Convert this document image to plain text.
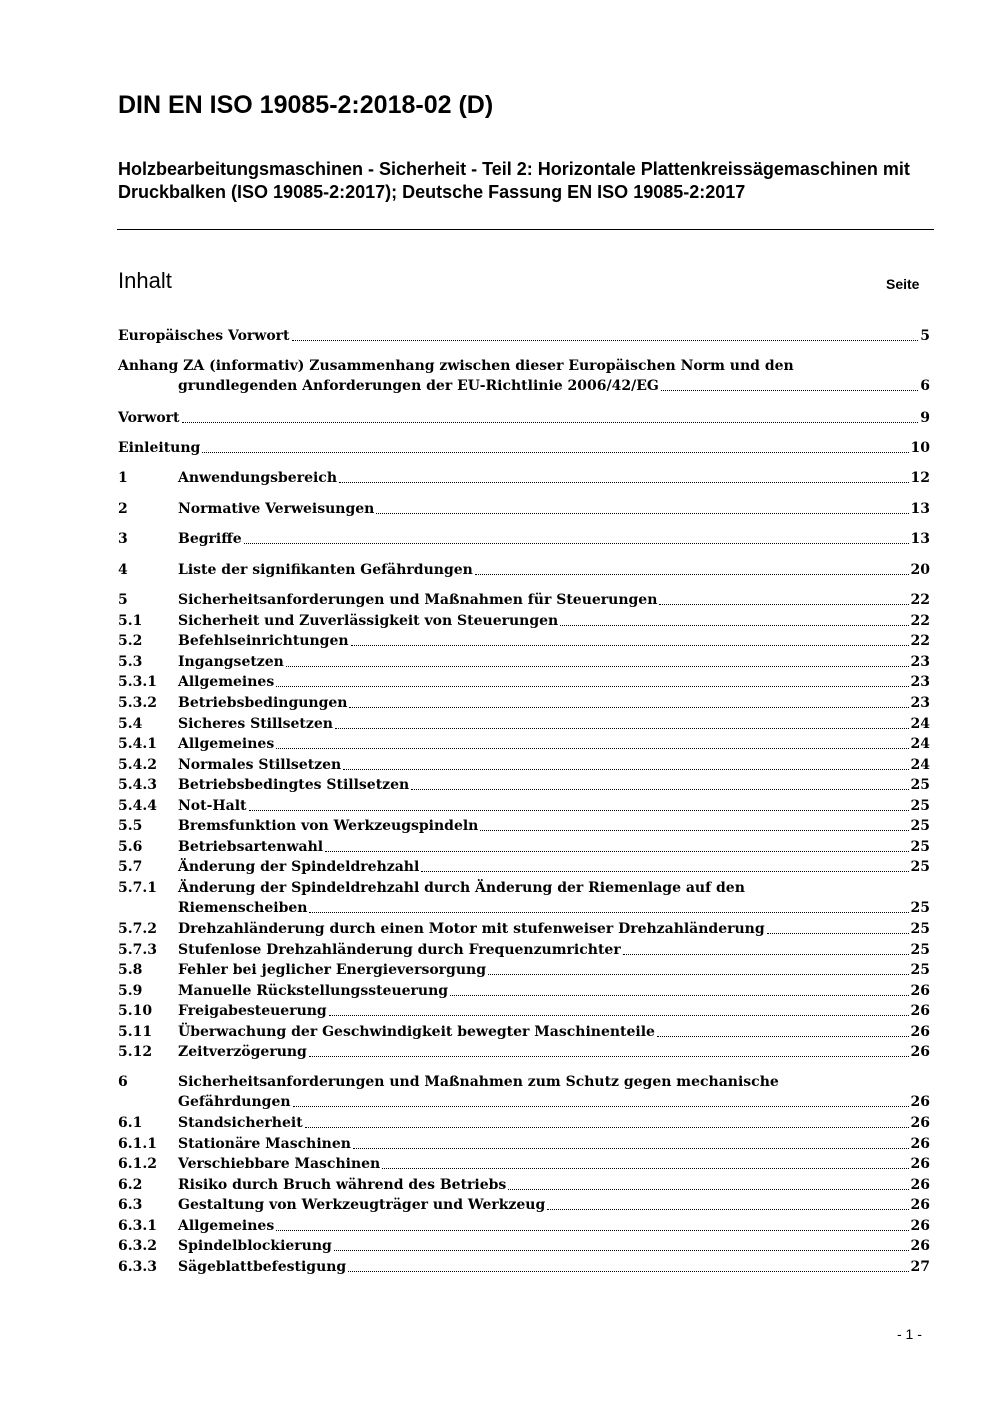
DIN EN ISO 19085-2:2018-02 (D)
Holzbearbeitungsmaschinen - Sicherheit - Teil 2: Horizontale Plattenkreissägemaschinen mit Druckbalken (ISO 19085-2:2017); Deutsche Fassung EN ISO 19085-2:2017
Inhalt	Seite
Europäisches Vorwort	5
Anhang ZA (informativ) Zusammenhang zwischen dieser Europäischen Norm und den
grundlegenden Anforderungen der EU-Richtlinie 2006/42/EG	6
Vorwort	9
Einleitung	10
1	Anwendungsbereich	12
2	Normative Verweisungen	13
3	Begriffe	13
4	Liste der signifikanten Gefährdungen	20
5	Sicherheitsanforderungen und Maßnahmen für Steuerungen	22
5.1	Sicherheit und Zuverlässigkeit von Steuerungen	22
5.2	Befehlseinrichtungen	22
5.3	Ingangsetzen	23
5.3.1 Allgemeines	23
5.3.2 Betriebsbedingungen	23
5.4	Sicheres Stillsetzen	24
5.4.1 Allgemeines	24
5.4.2 Normales Stillsetzen	24
5.4.3 Betriebsbedingtes Stillsetzen	25
5.4.4 Not-Halt	25
5.5	Bremsfunktion von Werkzeugspindeln	25
5.6	Betriebsartenwahl	25
5.7	Änderung der Spindeldrehzahl	25
5.7.1 Änderung der Spindeldrehzahl durch Änderung der Riemenlage auf den
Riemenscheiben	25
5.7.2 Drehzahländerung durch einen Motor mit stufenweiser Drehzahländerung	25
5.7.3 Stufenlose Drehzahländerung durch Frequenzumrichter	25
5.8	Fehler bei jeglicher Energieversorgung	25
5.9	Manuelle Rückstellungssteuerung	26
5.10 Freigabesteuerung	26
5.11 Überwachung der Geschwindigkeit bewegter Maschinenteile	26
5.12 Zeitverzögerung	26
6	Sicherheitsanforderungen und Maßnahmen zum Schutz gegen mechanische
Gefährdungen	26
6.1	Standsicherheit	26
6.1.1 Stationäre Maschinen	26
6.1.2 Verschiebbare Maschinen	26
6.2	Risiko durch Bruch während des Betriebs	26
6.3	Gestaltung von Werkzeugträger und Werkzeug	26
6.3.1 Allgemeines	26
6.3.2 Spindelblockierung	26
6.3.3 Sägeblattbefestigung	27
- 1 -
